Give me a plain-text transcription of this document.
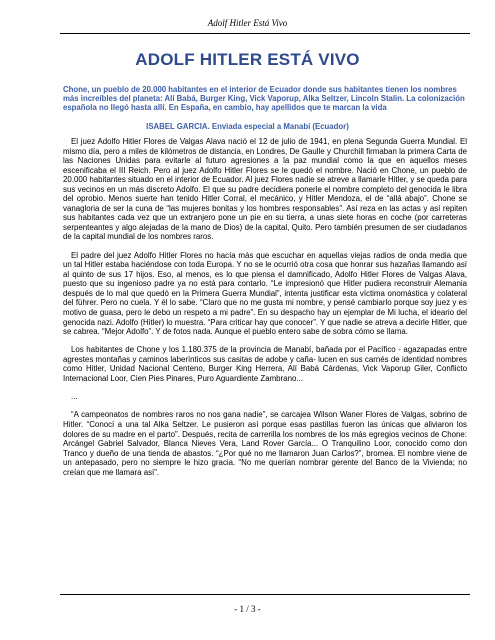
Adolf Hitler Está Vivo
ADOLF HITLER ESTÁ VIVO
Chone, un pueblo de 20.000 habitantes en el interior de Ecuador donde sus habitantes tienen los nombres más increíbles del planeta: Alí Babá, Burger King, Vick Vaporup, Alka Seltzer, Lincoln Stalin. La colonización española no llegó hasta allí. En España, en cambio, hay apellidos que te marcan la vida
ISABEL GARCIA. Enviada especial a Manabí (Ecuador)

El juez Adolfo Hitler Flores de Valgas Alava nació el 12 de julio de 1941, en plena Segunda Guerra Mundial. El mismo día, pero a miles de kilómetros de distancia, en Londres, De Gaulle y Churchill firmaban la primera Carta de las Naciones Unidas para evitarle al futuro agresiones a la paz mundial como la que en aquellos meses escenificaba el III Reich. Pero al juez Adolfo Hitler Flores se le quedó el nombre. Nació en Chone, un pueblo de 20.000 habitantes situado en el interior de Ecuador. Al juez Flores nadie se atreve a llamarle Hitler, y se queda para sus vecinos en un más discreto Adolfo. El que su padre decidiera ponerle el nombre completo del genocida le libra del oprobio. Menos suerte han tenido Hitler Corral, el mecánico, y Hitler Mendoza, el de “allá abajo”. Chone se vanagloria de ser la cuna de “las mujeres bonitas y los hombres responsables”. Así reza en las actas y así repiten sus habitantes cada vez que un extranjero pone un pie en su tierra, a unas siete horas en coche (por carreteras serpenteantes y algo alejadas de la mano de Dios) de la capital, Quito. Pero también presumen de ser ciudadanos de la capital mundial de los nombres raros.

El padre del juez Adolfo Hitler Flores no hacía más que escuchar en aquellas viejas radios de onda media que un tal Hitler estaba haciéndose con toda Europa. Y no se le ocurrió otra cosa que honrar sus hazañas llamando así al quinto de sus 17 hijos. Eso, al menos, es lo que piensa el damnificado, Adolfo Hitler Flores de Valgas Alava, puesto que su ingenioso padre ya no está para contarlo. “Le impresionó que Hitler pudiera reconstruir Alemania después de lo mal que quedó en la Primera Guerra Mundial”, intenta justificar esta víctima onomástica y colateral del führer. Pero no cuela. Y él lo sabe. “Claro que no me gusta mi nombre, y pensé cambiarlo porque soy juez y es motivo de guasa, pero le debo un respeto a mi padre”. En su despacho hay un ejemplar de Mi lucha, el ideario del genocida nazi. Adolfo (Hitler) lo muestra. “Para criticar hay que conocer”. Y que nadie se atreva a decirle Hitler, que se cabrea. “Mejor Adolfo”. Y de fotos nada. Aunque el pueblo entero sabe de sobra cómo se llama.

Los habitantes de Chone y los 1.180.375 de la provincia de Manabí, bañada por el Pacífico - agazapadas entre agrestes montañas y caminos laberínticos sus casitas de adobe y caña- lucen en sus carnés de identidad nombres como Hitler, Unidad Nacional Centeno, Burger King Herrera, Alí Babá Cárdenas, Vick Vaporup Giler, Conflicto Internacional Loor, Cien Pies Pinares, Puro Aguardiente Zambrano...

...

“A campeonatos de nombres raros no nos gana nadie”, se carcajea Wilson Waner Flores de Valgas, sobrino de Hitler. “Conocí a una tal Alka Seltzer. Le pusieron así porque esas pastillas fueron las únicas que aliviaron los dolores de su madre en el parto”. Después, recita de carrerilla los nombres de los más egregios vecinos de Chone: Arcángel Gabriel Salvador, Blanca Nieves Vera, Land Rover García... O Tranquilino Loor, conocido como don Tranco y dueño de una tienda de abastos. “¿Por qué no me llamaron Juan Carlos?”, bromea. El nombre viene de un antepasado, pero no siempre le hizo gracia. “No me querían nombrar gerente del Banco de la Vivienda; no creían que me llamara así”.

- 1 / 3 -
